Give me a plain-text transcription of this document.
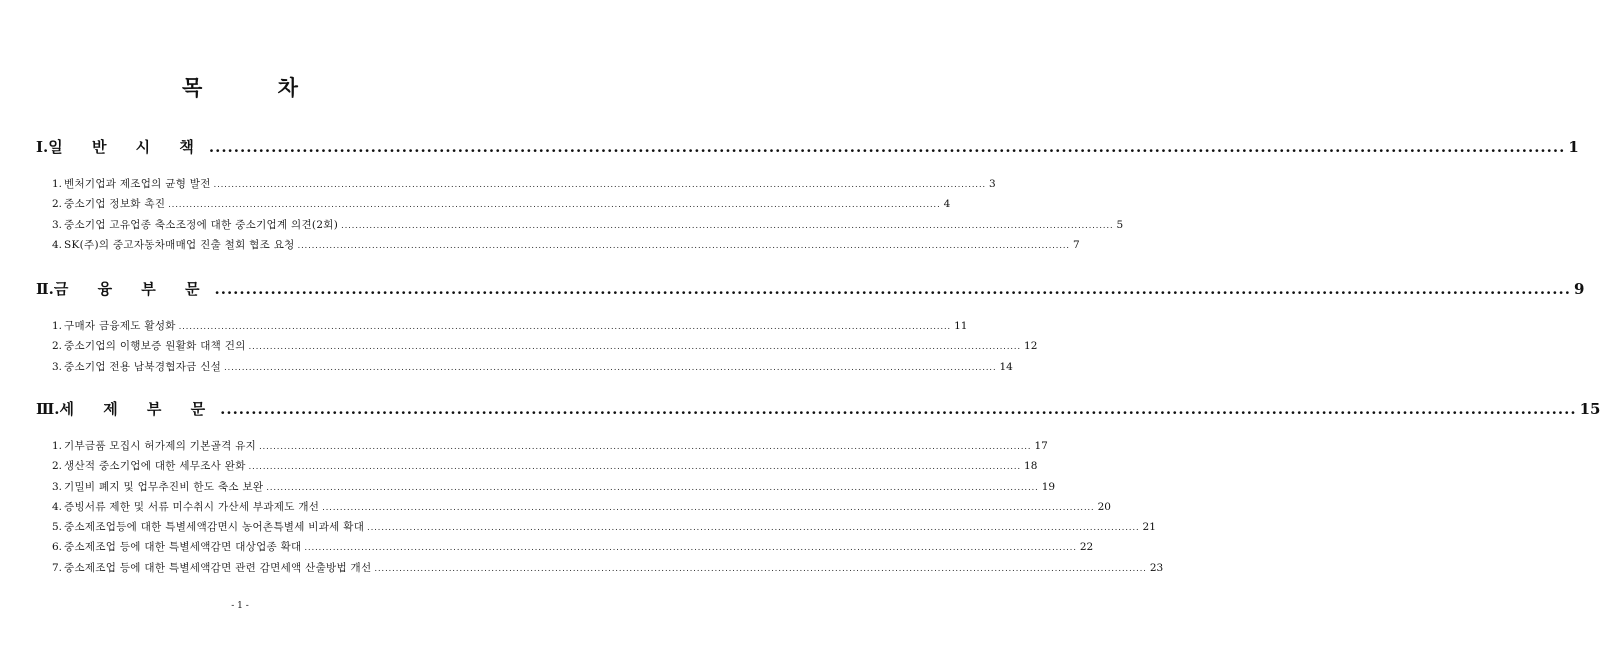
목 차
Ⅰ. 일 반 시 책 .......................................................................................................................................................................................................................... 1
1. 벤처기업과 제조업의 균형 발전 .......................................................................................................................................................................................................................... 3
2. 중소기업 정보화 촉진 .......................................................................................................................................................................................................................... 4
3. 중소기업 고유업종 축소조정에 대한 중소기업계 의견(2회) .......................................................................................................................................................................................................................... 5
4. SK(주)의 중고자동차매매업 진출 철회 협조 요청 .......................................................................................................................................................................................................................... 7
Ⅱ. 금 융 부 문 .......................................................................................................................................................................................................................... 9
1. 구매자 금융제도 활성화 .......................................................................................................................................................................................................................... 11
2. 중소기업의 이행보증 원활화 대책 건의 .......................................................................................................................................................................................................................... 12
3. 중소기업 전용 남북경협자금 신설 .......................................................................................................................................................................................................................... 14
Ⅲ. 세 제 부 문 .......................................................................................................................................................................................................................... 15
1. 기부금품 모집시 허가제의 기본골격 유지 .......................................................................................................................................................................................................................... 17
2. 생산적 중소기업에 대한 세무조사 완화 .......................................................................................................................................................................................................................... 18
3. 기밀비 폐지 및 업무추진비 한도 축소 보완 .......................................................................................................................................................................................................................... 19
4. 증빙서류 제한 및 서류 미수취시 가산세 부과제도 개선 .......................................................................................................................................................................................................................... 20
5. 중소제조업등에 대한 특별세액감면시 농어촌특별세 비과세 확대 .......................................................................................................................................................................................................................... 21
6. 중소제조업 등에 대한 특별세액감면 대상업종 확대 .......................................................................................................................................................................................................................... 22
7. 중소제조업 등에 대한 특별세액감면 관련 감면세액 산출방법 개선 .......................................................................................................................................................................................................................... 23
- 1 -
